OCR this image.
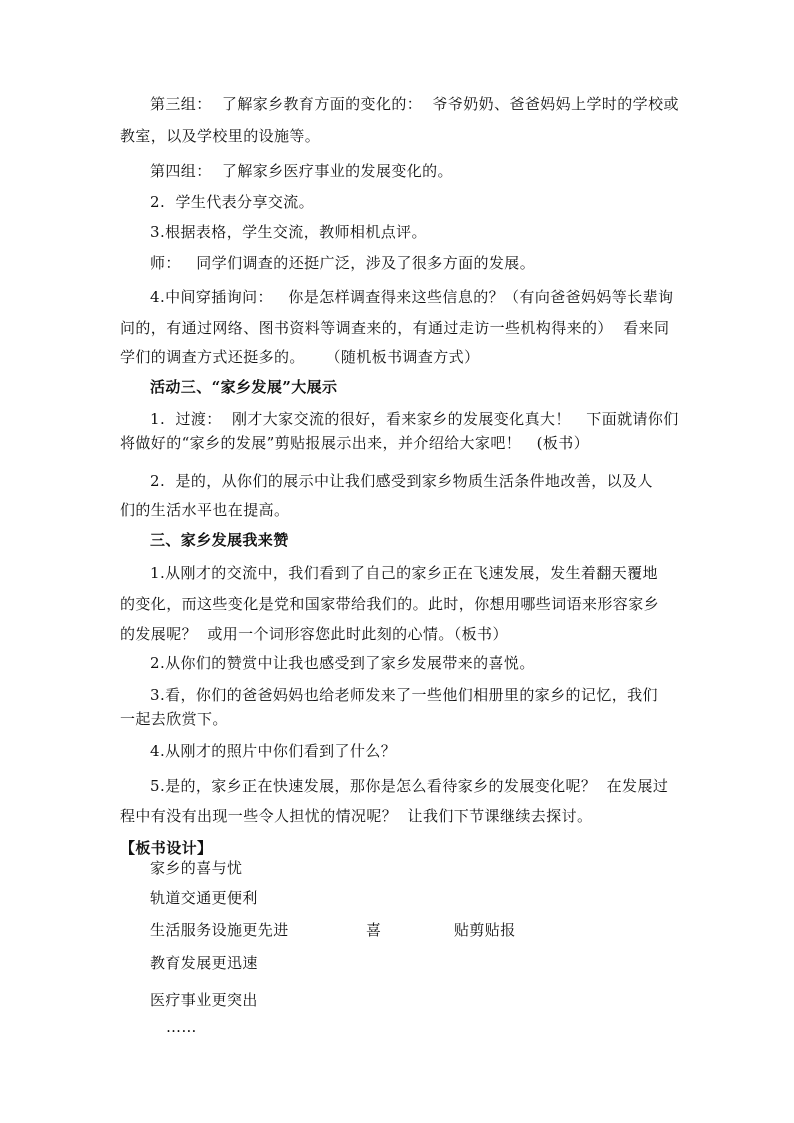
第三组：  了解家乡教育方面的变化的：  爷爷奶奶、爸爸妈妈上学时的学校或
教室，以及学校里的设施等。
第四组：  了解家乡医疗事业的发展变化的。
2.  学生代表分享交流。
3.根据表格，学生交流，教师相机点评。
师：   同学们调查的还挺广泛，涉及了很多方面的发展。
4.中间穿插询问：   你是怎样调查得来这些信息的？（有向爸爸妈妈等长辈询
问的，有通过网络、图书资料等调查来的，有通过走访一些机构得来的）  看来同
学们的调查方式还挺多的。    （随机板书调查方式）
活动三、“家乡发展”大展示
1.  过渡：  刚才大家交流的很好，看来家乡的发展变化真大！   下面就请你们
将做好的“家乡的发展”剪贴报展示出来，并介绍给大家吧！   (板书）
2.  是的，从你们的展示中让我们感受到家乡物质生活条件地改善，以及人
们的生活水平也在提高。
三、家乡发展我来赞
1.从刚才的交流中，我们看到了自己的家乡正在飞速发展，发生着翻天覆地
的变化，而这些变化是党和国家带给我们的。此时，你想用哪些词语来形容家乡
的发展呢？  或用一个词形容您此时此刻的心情。（板书）
2.从你们的赞赏中让我也感受到了家乡发展带来的喜悦。
3.看，你们的爸爸妈妈也给老师发来了一些他们相册里的家乡的记忆，我们
一起去欣赏下。
4.从刚才的照片中你们看到了什么？
5.是的，家乡正在快速发展，那你是怎么看待家乡的发展变化呢？  在发展过
程中有没有出现一些令人担忧的情况呢？  让我们下节课继续去探讨。
【板书设计】
家乡的喜与忧
轨道交通更便利
生活服务设施更先进	喜	贴剪贴报
教育发展更迅速
医疗事业更突出
……
